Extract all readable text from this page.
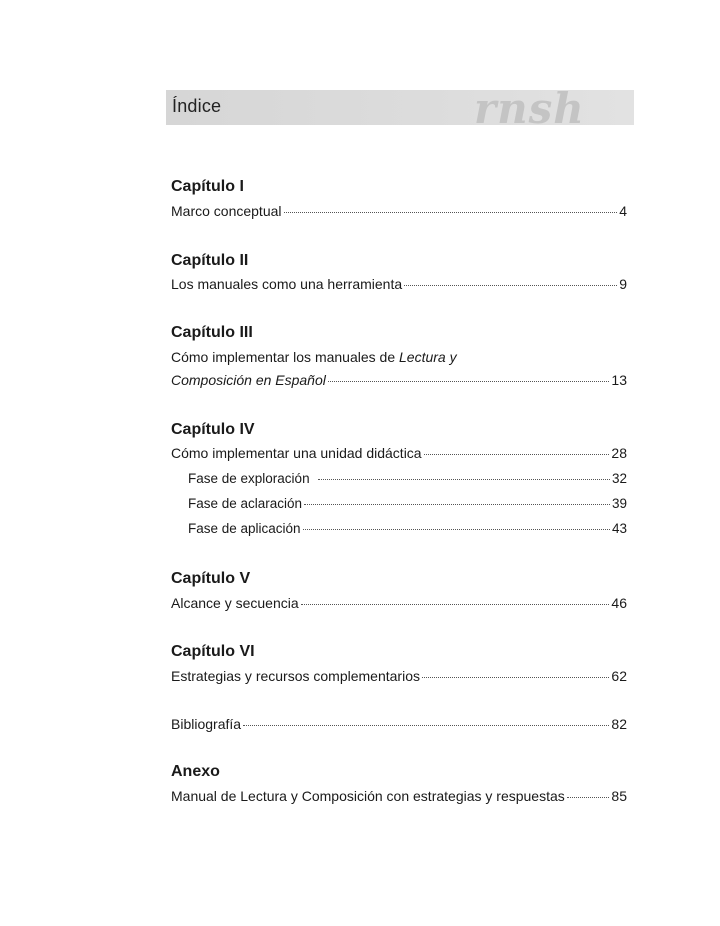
Índice	rnsh
Capítulo I
Marco conceptual	4
Capítulo II
Los manuales como una herramienta	9
Capítulo III
Cómo implementar los manuales de Lectura y
Composición en Español	13
Capítulo IV
Cómo implementar una unidad didáctica	28
Fase de exploración	32
Fase de aclaración	39
Fase de aplicación	43
Capítulo V
Alcance y secuencia	46
Capítulo VI
Estrategias y recursos complementarios	62
Bibliografía	82
Anexo
Manual de Lectura y Composición con estrategias y respuestas	85
